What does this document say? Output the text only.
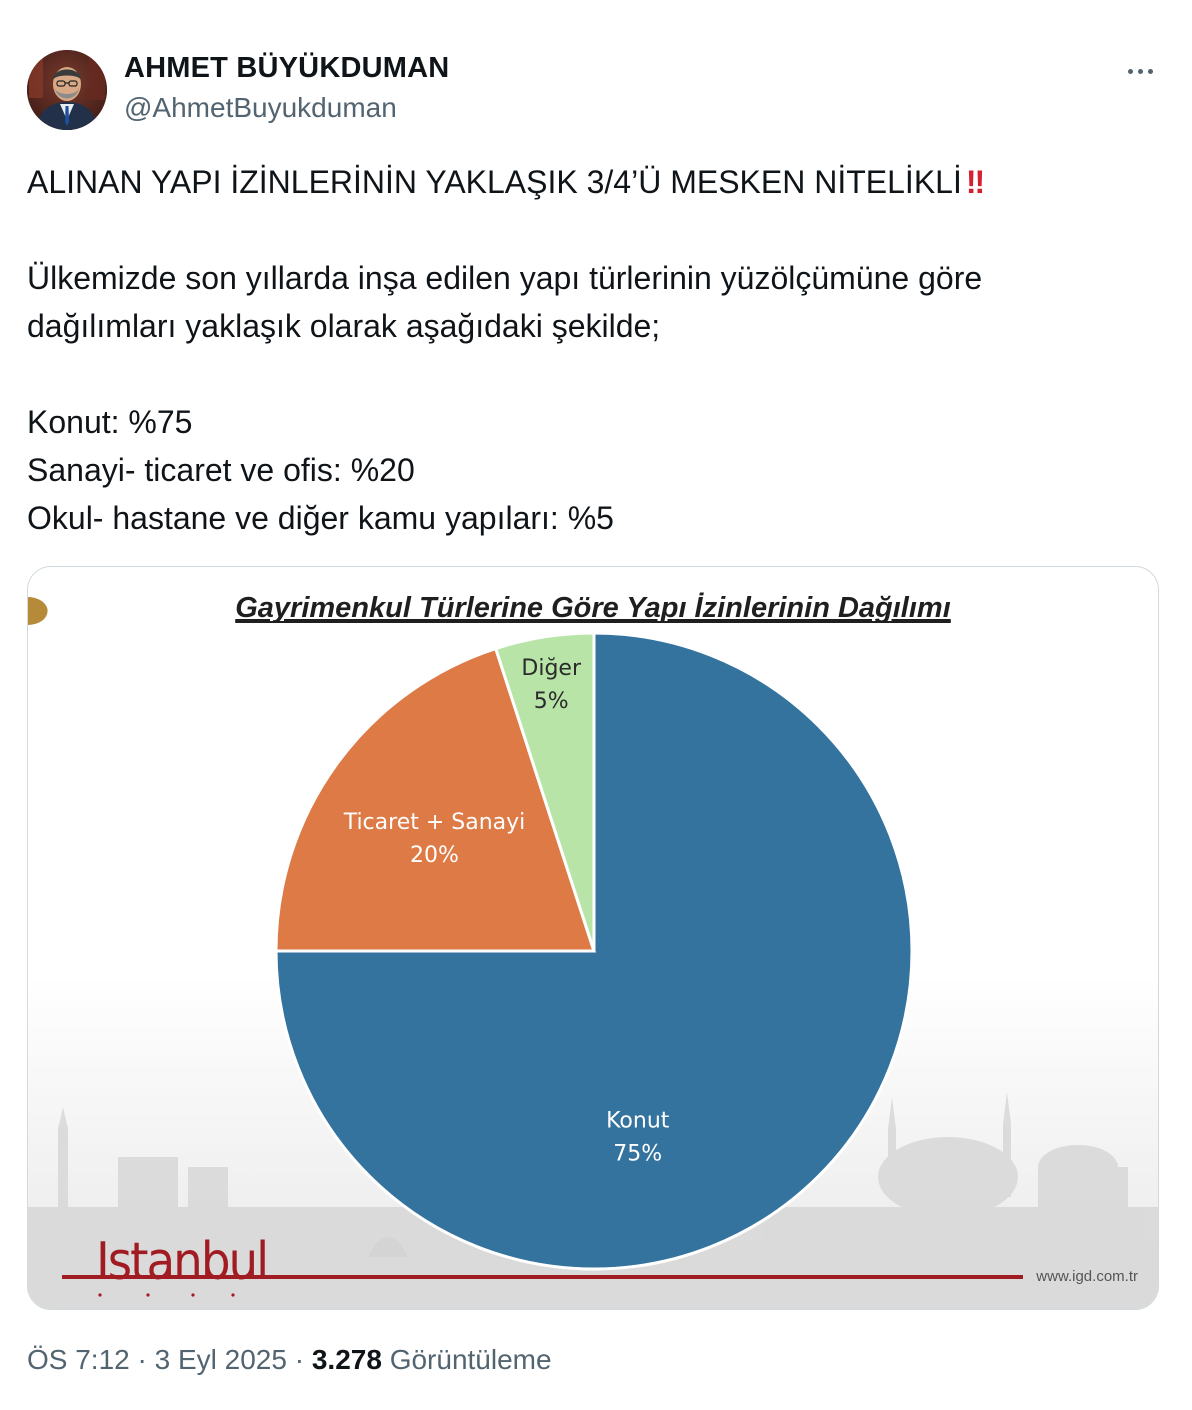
AHMET BÜYÜKDUMAN
@AhmetBuyukduman
ALINAN YAPI İZİNLERİNİN YAKLAŞIK 3/4’Ü MESKEN NİTELİKLİ !!
Ülkemizde son yıllarda inşa edilen yapı türlerinin yüzölçümüne göre
dağılımları yaklaşık olarak aşağıdaki şekilde;
Konut: %75
Sanayi- ticaret ve ofis: %20
Okul- hastane ve diğer kamu yapıları: %5
Gayrimenkul Türlerine Göre Yapı İzinlerinin Dağılımı
Konut
75%
Ticaret + Sanayi
20%
Diğer
5%
Istanbul	www.igd.com.tr
ÖS 7:12 · 3 Eyl 2025 · 3.278 Görüntüleme
